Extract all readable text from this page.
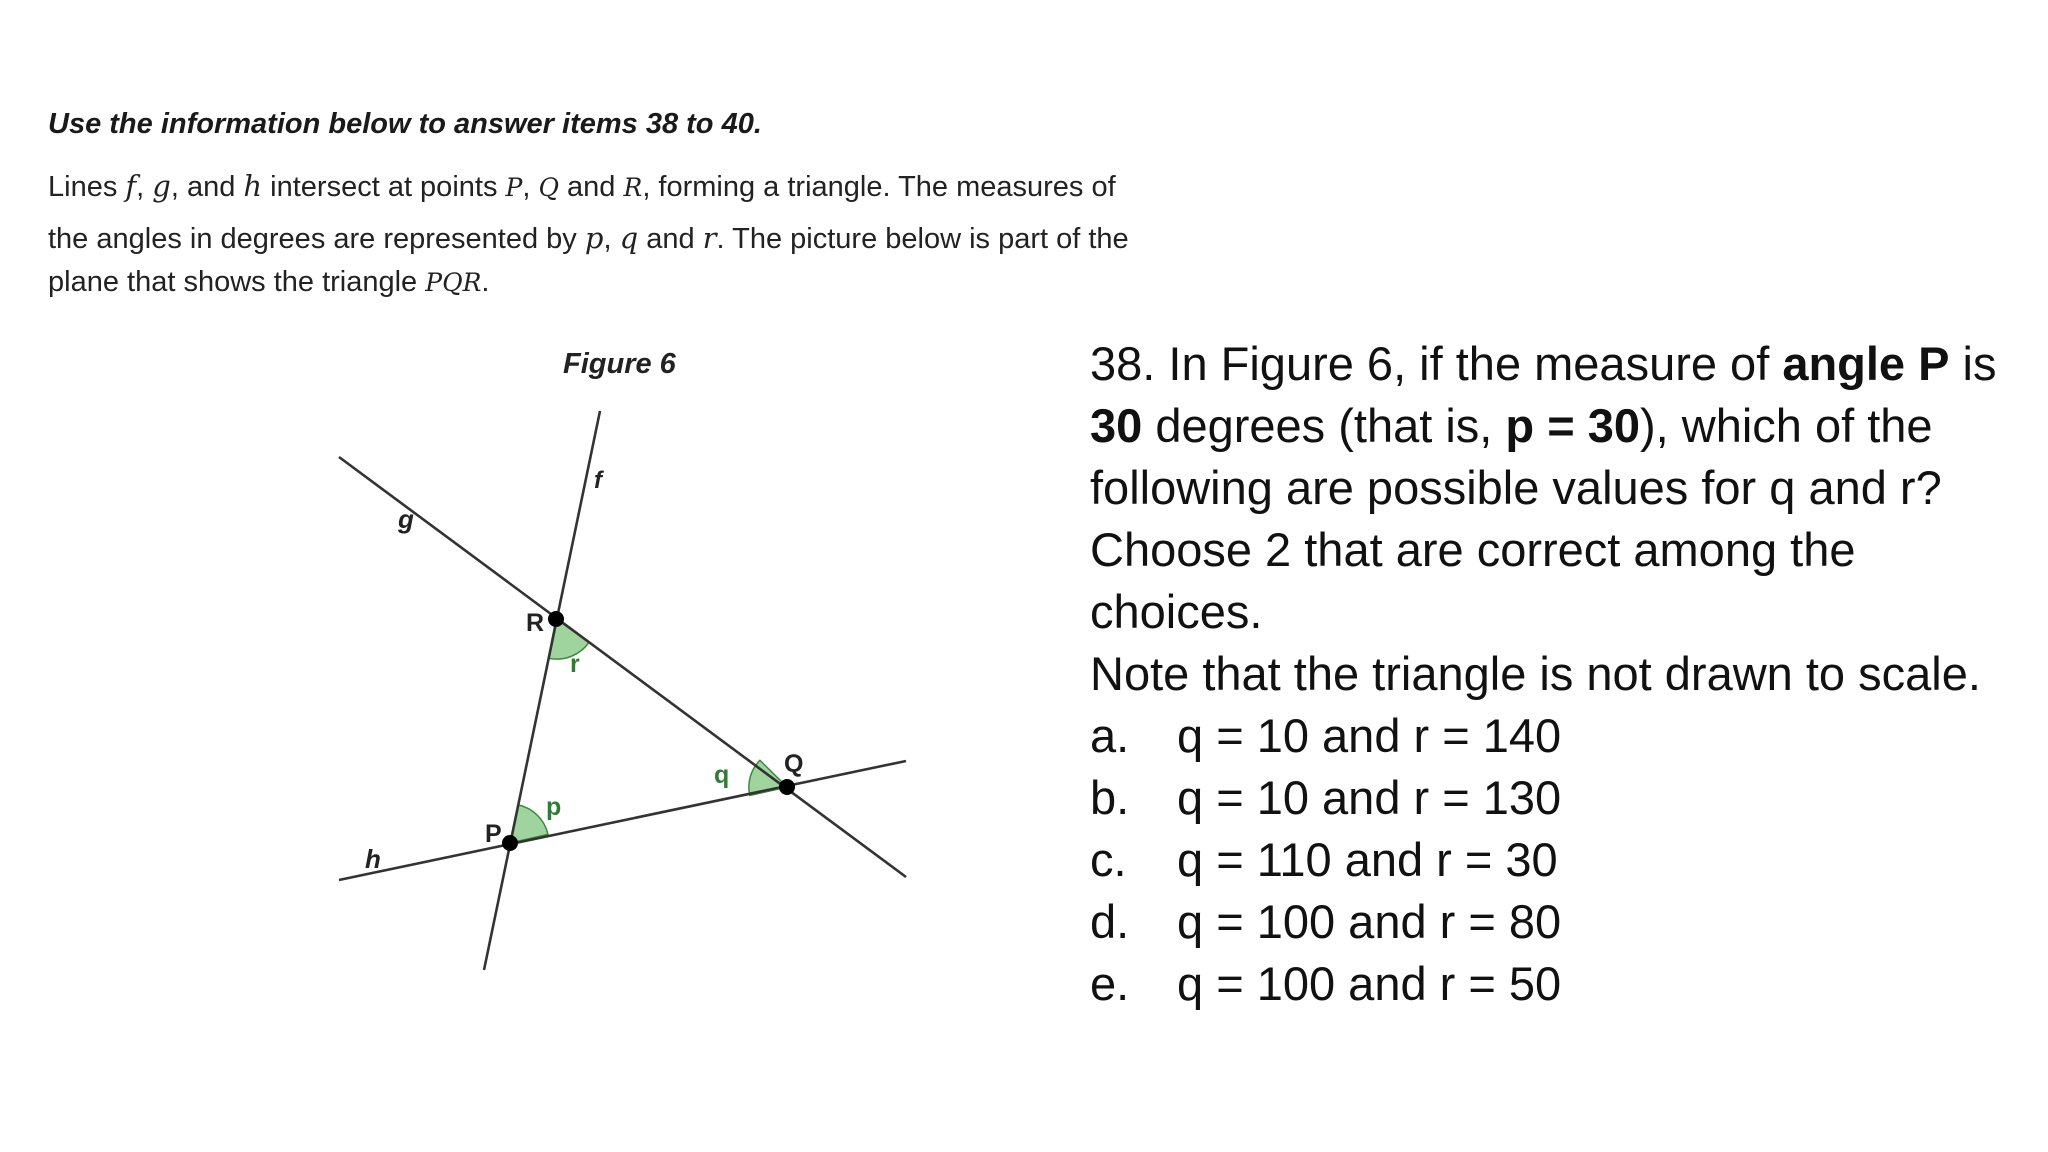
Use the information below to answer items 38 to 40.
Lines f, g, and h intersect at points P, Q and R, forming a triangle. The measures of
the angles in degrees are represented by p, q and r. The picture below is part of the
plane that shows the triangle PQR.
Figure 6
f
g
h
P
Q
R
p
q
r

38. In Figure 6, if the measure of angle P is 30 degrees (that is, p = 30), which of the following are possible values for q and r? Choose 2 that are correct among the choices.

Note that the triangle is not drawn to scale.

a.	q = 10 and r = 140
b.	q = 10 and r = 130
c.	q = 110 and r = 30
d.	q = 100 and r = 80
e.	q = 100 and r = 50
